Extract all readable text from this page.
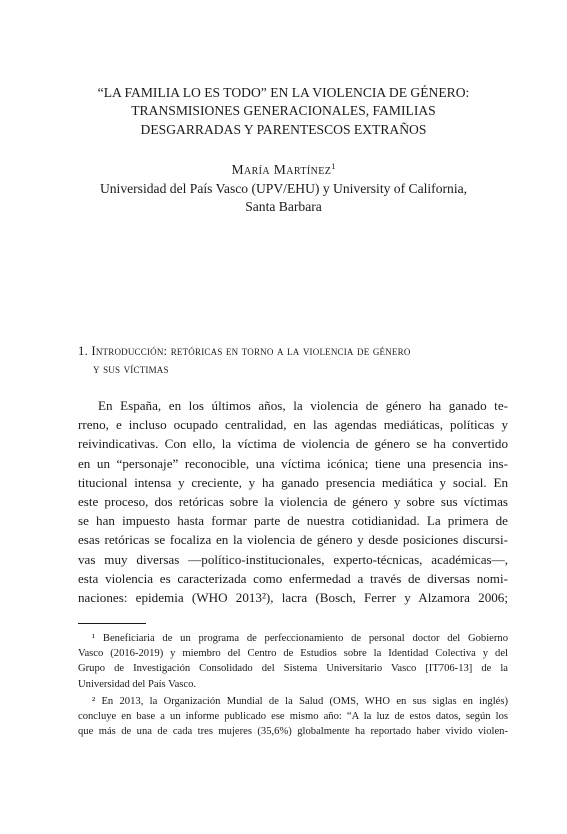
“LA FAMILIA LO ES TODO” EN LA VIOLENCIA DE GÉNERO:
TRANSMISIONES GENERACIONALES, FAMILIAS
DESGARRADAS Y PARENTESCOS EXTRAÑOS
María Martínez$^1$
Universidad del País Vasco (UPV/EHU) y University of California,
Santa Barbara
1. Introducción: retóricas en torno a la violencia de género
y sus víctimas
En España, en los últimos años, la violencia de género ha ganado te-
rreno, e incluso ocupado centralidad, en las agendas mediáticas, políticas y
reivindicativas. Con ello, la víctima de violencia de género se ha convertido
en un “personaje” reconocible, una víctima icónica; tiene una presencia ins-
titucional intensa y creciente, y ha ganado presencia mediática y social. En
este proceso, dos retóricas sobre la violencia de género y sobre sus víctimas
se han impuesto hasta formar parte de nuestra cotidianidad. La primera de
esas retóricas se focaliza en la violencia de género y desde posiciones discursi-
vas muy diversas —político-institucionales, experto-técnicas, académicas—,
esta violencia es caracterizada como enfermedad a través de diversas nomi-
naciones: epidemia (WHO 2013²), lacra (Bosch, Ferrer y Alzamora 2006;
¹ Beneficiaria de un programa de perfeccionamiento de personal doctor del Gobierno
Vasco (2016-2019) y miembro del Centro de Estudios sobre la Identidad Colectiva y del
Grupo de Investigación Consolidado del Sistema Universitario Vasco [IT706-13] de la
Universidad del País Vasco.
² En 2013, la Organización Mundial de la Salud (OMS, WHO en sus siglas en inglés)
concluye en base a un informe publicado ese mismo año: “A la luz de estos datos, según los
que más de una de cada tres mujeres (35,6%) globalmente ha reportado haber vivido violen-
